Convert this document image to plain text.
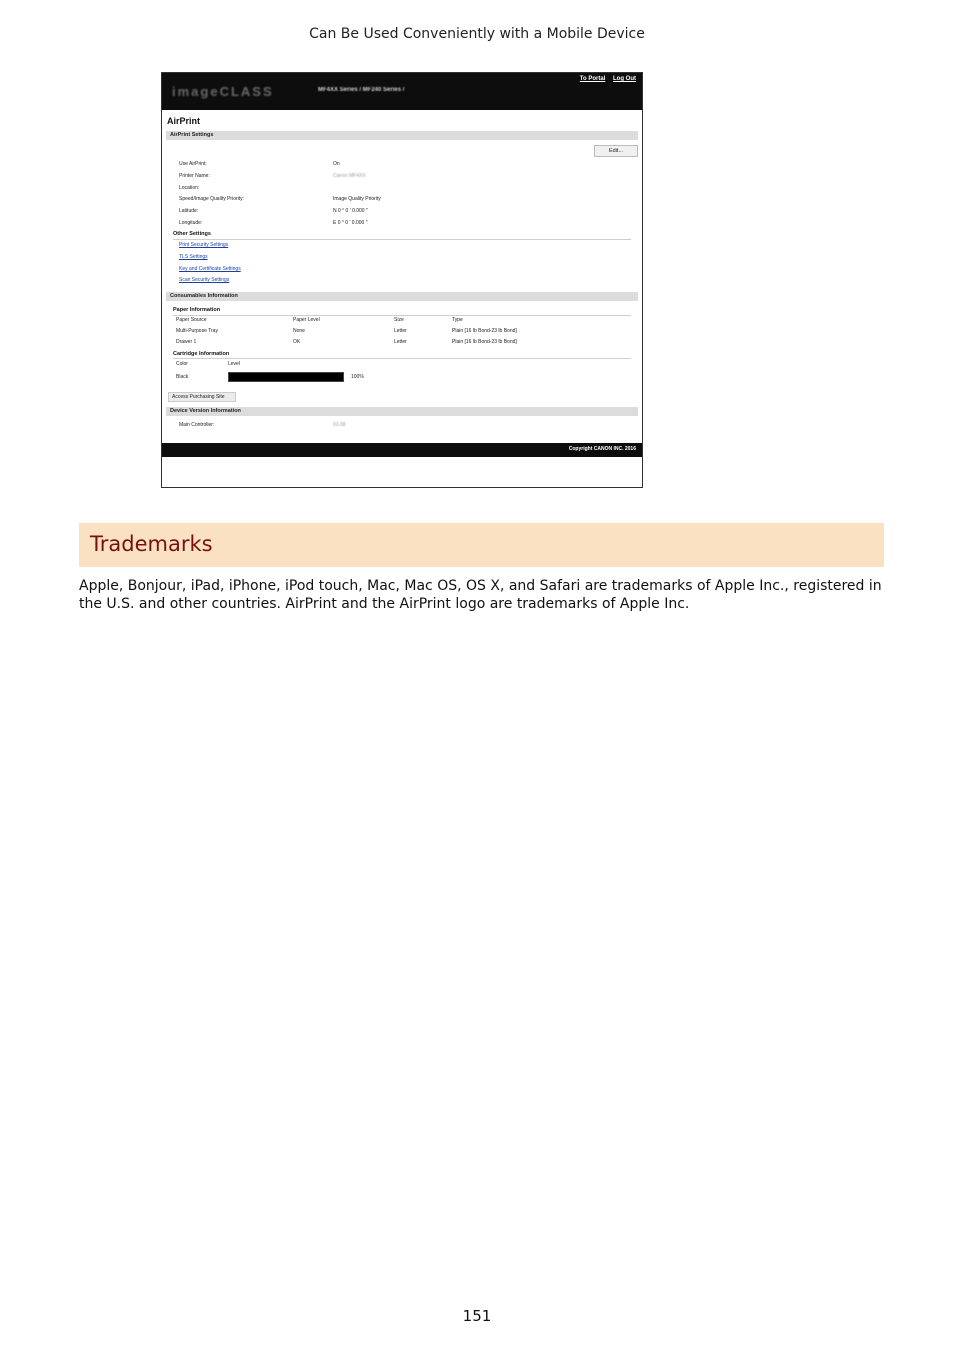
Can Be Used Conveniently with a Mobile Device
imageCLASS	MF4XX Series / MF240 Series /
To Portal Log Out
AirPrint
AirPrint Settings
Edit...
Use AirPrint:	On
Printer Name:	Canon MF4XX
Location:
Speed/Image Quality Priority:	Image Quality Priority
Latitude:	N 0 ° 0 ' 0.000 "
Longitude:	E 0 ° 0 ' 0.000 "
Other Settings
Print Security Settings
TLS Settings
Key and Certificate Settings
Scan Security Settings
Consumables Information
Paper Information
Paper Source	Paper Level	Size	Type
Multi-Purpose Tray	None	Letter	Plain [16 lb Bond-23 lb Bond]
Drawer 1	OK	Letter	Plain [16 lb Bond-23 lb Bond]
Cartridge Information
Color	Level
Black	100%
Access Purchasing Site
Device Version Information
Main Controller:	03.08
Copyright CANON INC. 2016
Trademarks
Apple, Bonjour, iPad, iPhone, iPod touch, Mac, Mac OS, OS X, and Safari are trademarks of Apple Inc., registered in the U.S. and other countries. AirPrint and the AirPrint logo are trademarks of Apple Inc.
151
